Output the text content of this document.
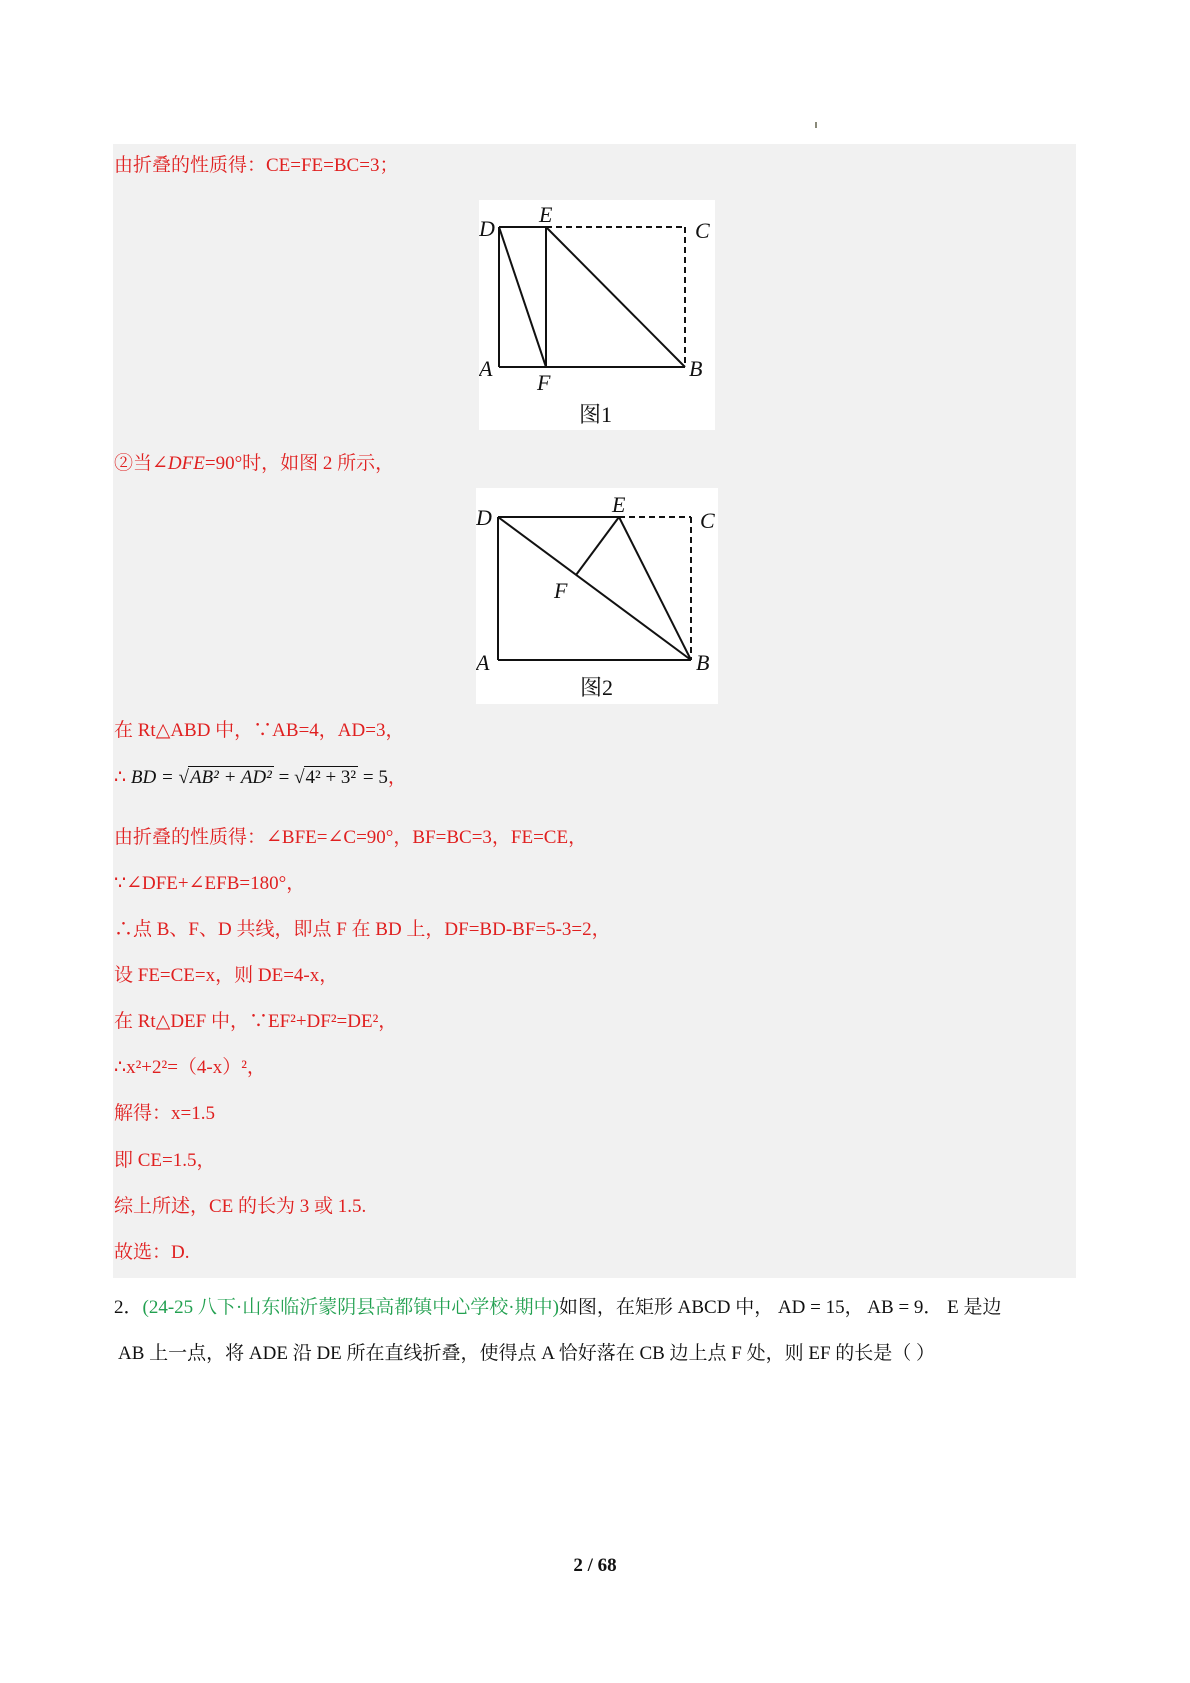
由折叠的性质得：CE=FE=BC=3；
D
E
C
A
F
B
图1
②当∠DFE=90°时，如图 2 所示，
D
E
C
A
F
B
图2
在 Rt△ABD 中，∵AB=4，AD=3，
∴ BD = √AB² + AD² = √4² + 3² = 5，
由折叠的性质得：∠BFE=∠C=90°，BF=BC=3，FE=CE，
∵∠DFE+∠EFB=180°，
∴点 B、F、D 共线，即点 F 在 BD 上，DF=BD-BF=5-3=2，
设 FE=CE=x，则 DE=4-x，
在 Rt△DEF 中，∵EF²+DF²=DE²，
∴x²+2²=（4-x）²，
解得：x=1.5
即 CE=1.5，
综上所述，CE 的长为 3 或 1.5.
故选：D.
2．(24-25 八下·山东临沂蒙阴县高都镇中心学校·期中)如图，在矩形 ABCD 中， AD = 15， AB = 9． E 是边
AB 上一点，将 ADE 沿 DE 所在直线折叠，使得点 A 恰好落在 CB 边上点 F 处，则 EF 的长是（ ）
2 / 68
